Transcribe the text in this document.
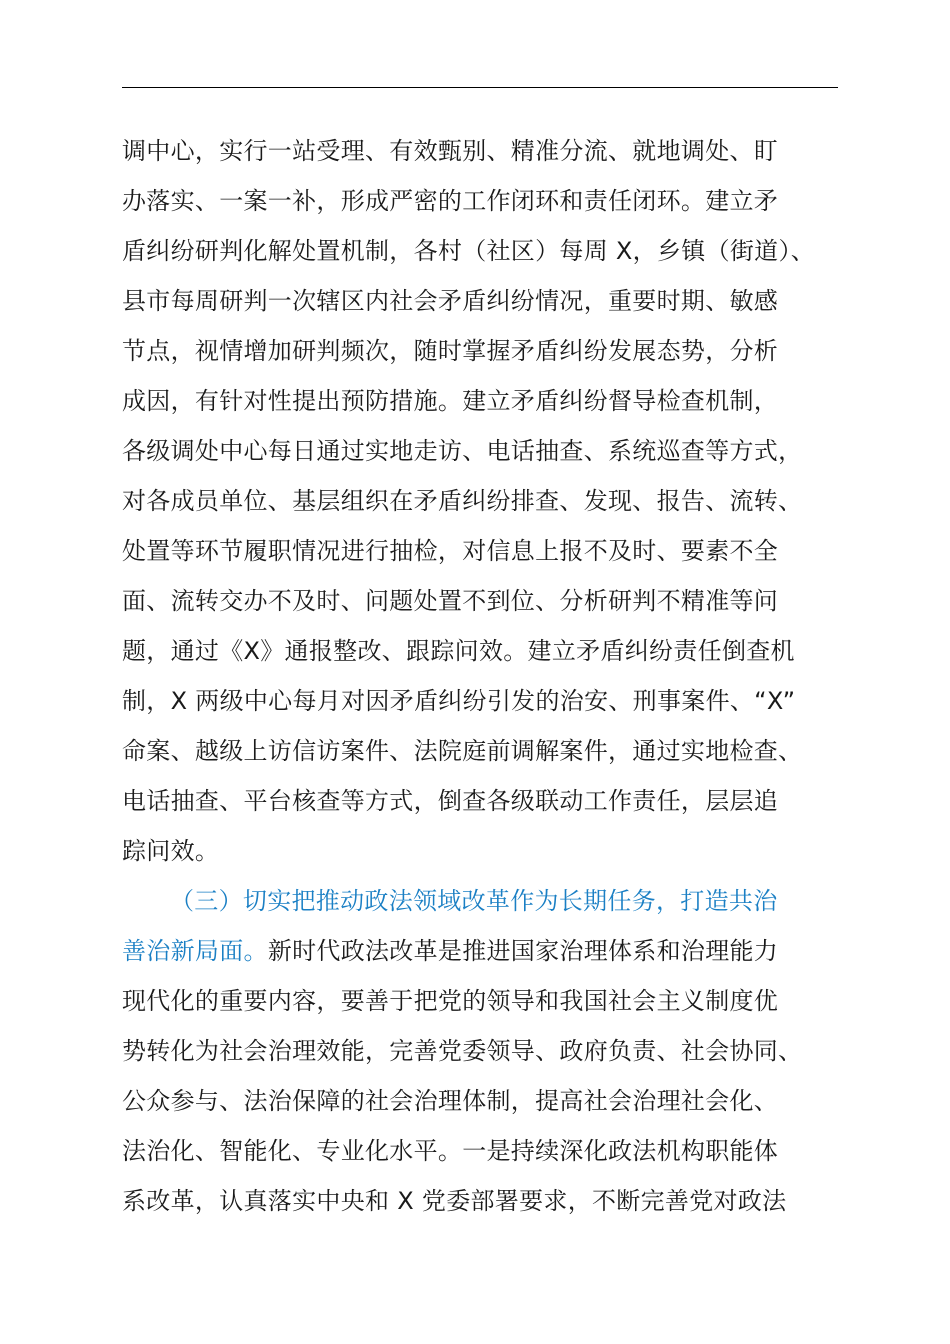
调中心，实行一站受理、有效甄别、精准分流、就地调处、盯
办落实、一案一补，形成严密的工作闭环和责任闭环。建立矛
盾纠纷研判化解处置机制，各村（社区）每周 X，乡镇（街道）、
县市每周研判一次辖区内社会矛盾纠纷情况，重要时期、敏感
节点，视情增加研判频次，随时掌握矛盾纠纷发展态势，分析
成因，有针对性提出预防措施。建立矛盾纠纷督导检查机制，
各级调处中心每日通过实地走访、电话抽查、系统巡查等方式，
对各成员单位、基层组织在矛盾纠纷排查、发现、报告、流转、
处置等环节履职情况进行抽检，对信息上报不及时、要素不全
面、流转交办不及时、问题处置不到位、分析研判不精准等问
题，通过《X》通报整改、跟踪问效。建立矛盾纠纷责任倒查机
制，X 两级中心每月对因矛盾纠纷引发的治安、刑事案件、“X”
命案、越级上访信访案件、法院庭前调解案件，通过实地检查、
电话抽查、平台核查等方式，倒查各级联动工作责任，层层追
踪问效。
（三）切实把推动政法领域改革作为长期任务，打造共治
善治新局面。新时代政法改革是推进国家治理体系和治理能力
现代化的重要内容，要善于把党的领导和我国社会主义制度优
势转化为社会治理效能，完善党委领导、政府负责、社会协同、
公众参与、法治保障的社会治理体制，提高社会治理社会化、
法治化、智能化、专业化水平。一是持续深化政法机构职能体
系改革，认真落实中央和 X 党委部署要求，不断完善党对政法
